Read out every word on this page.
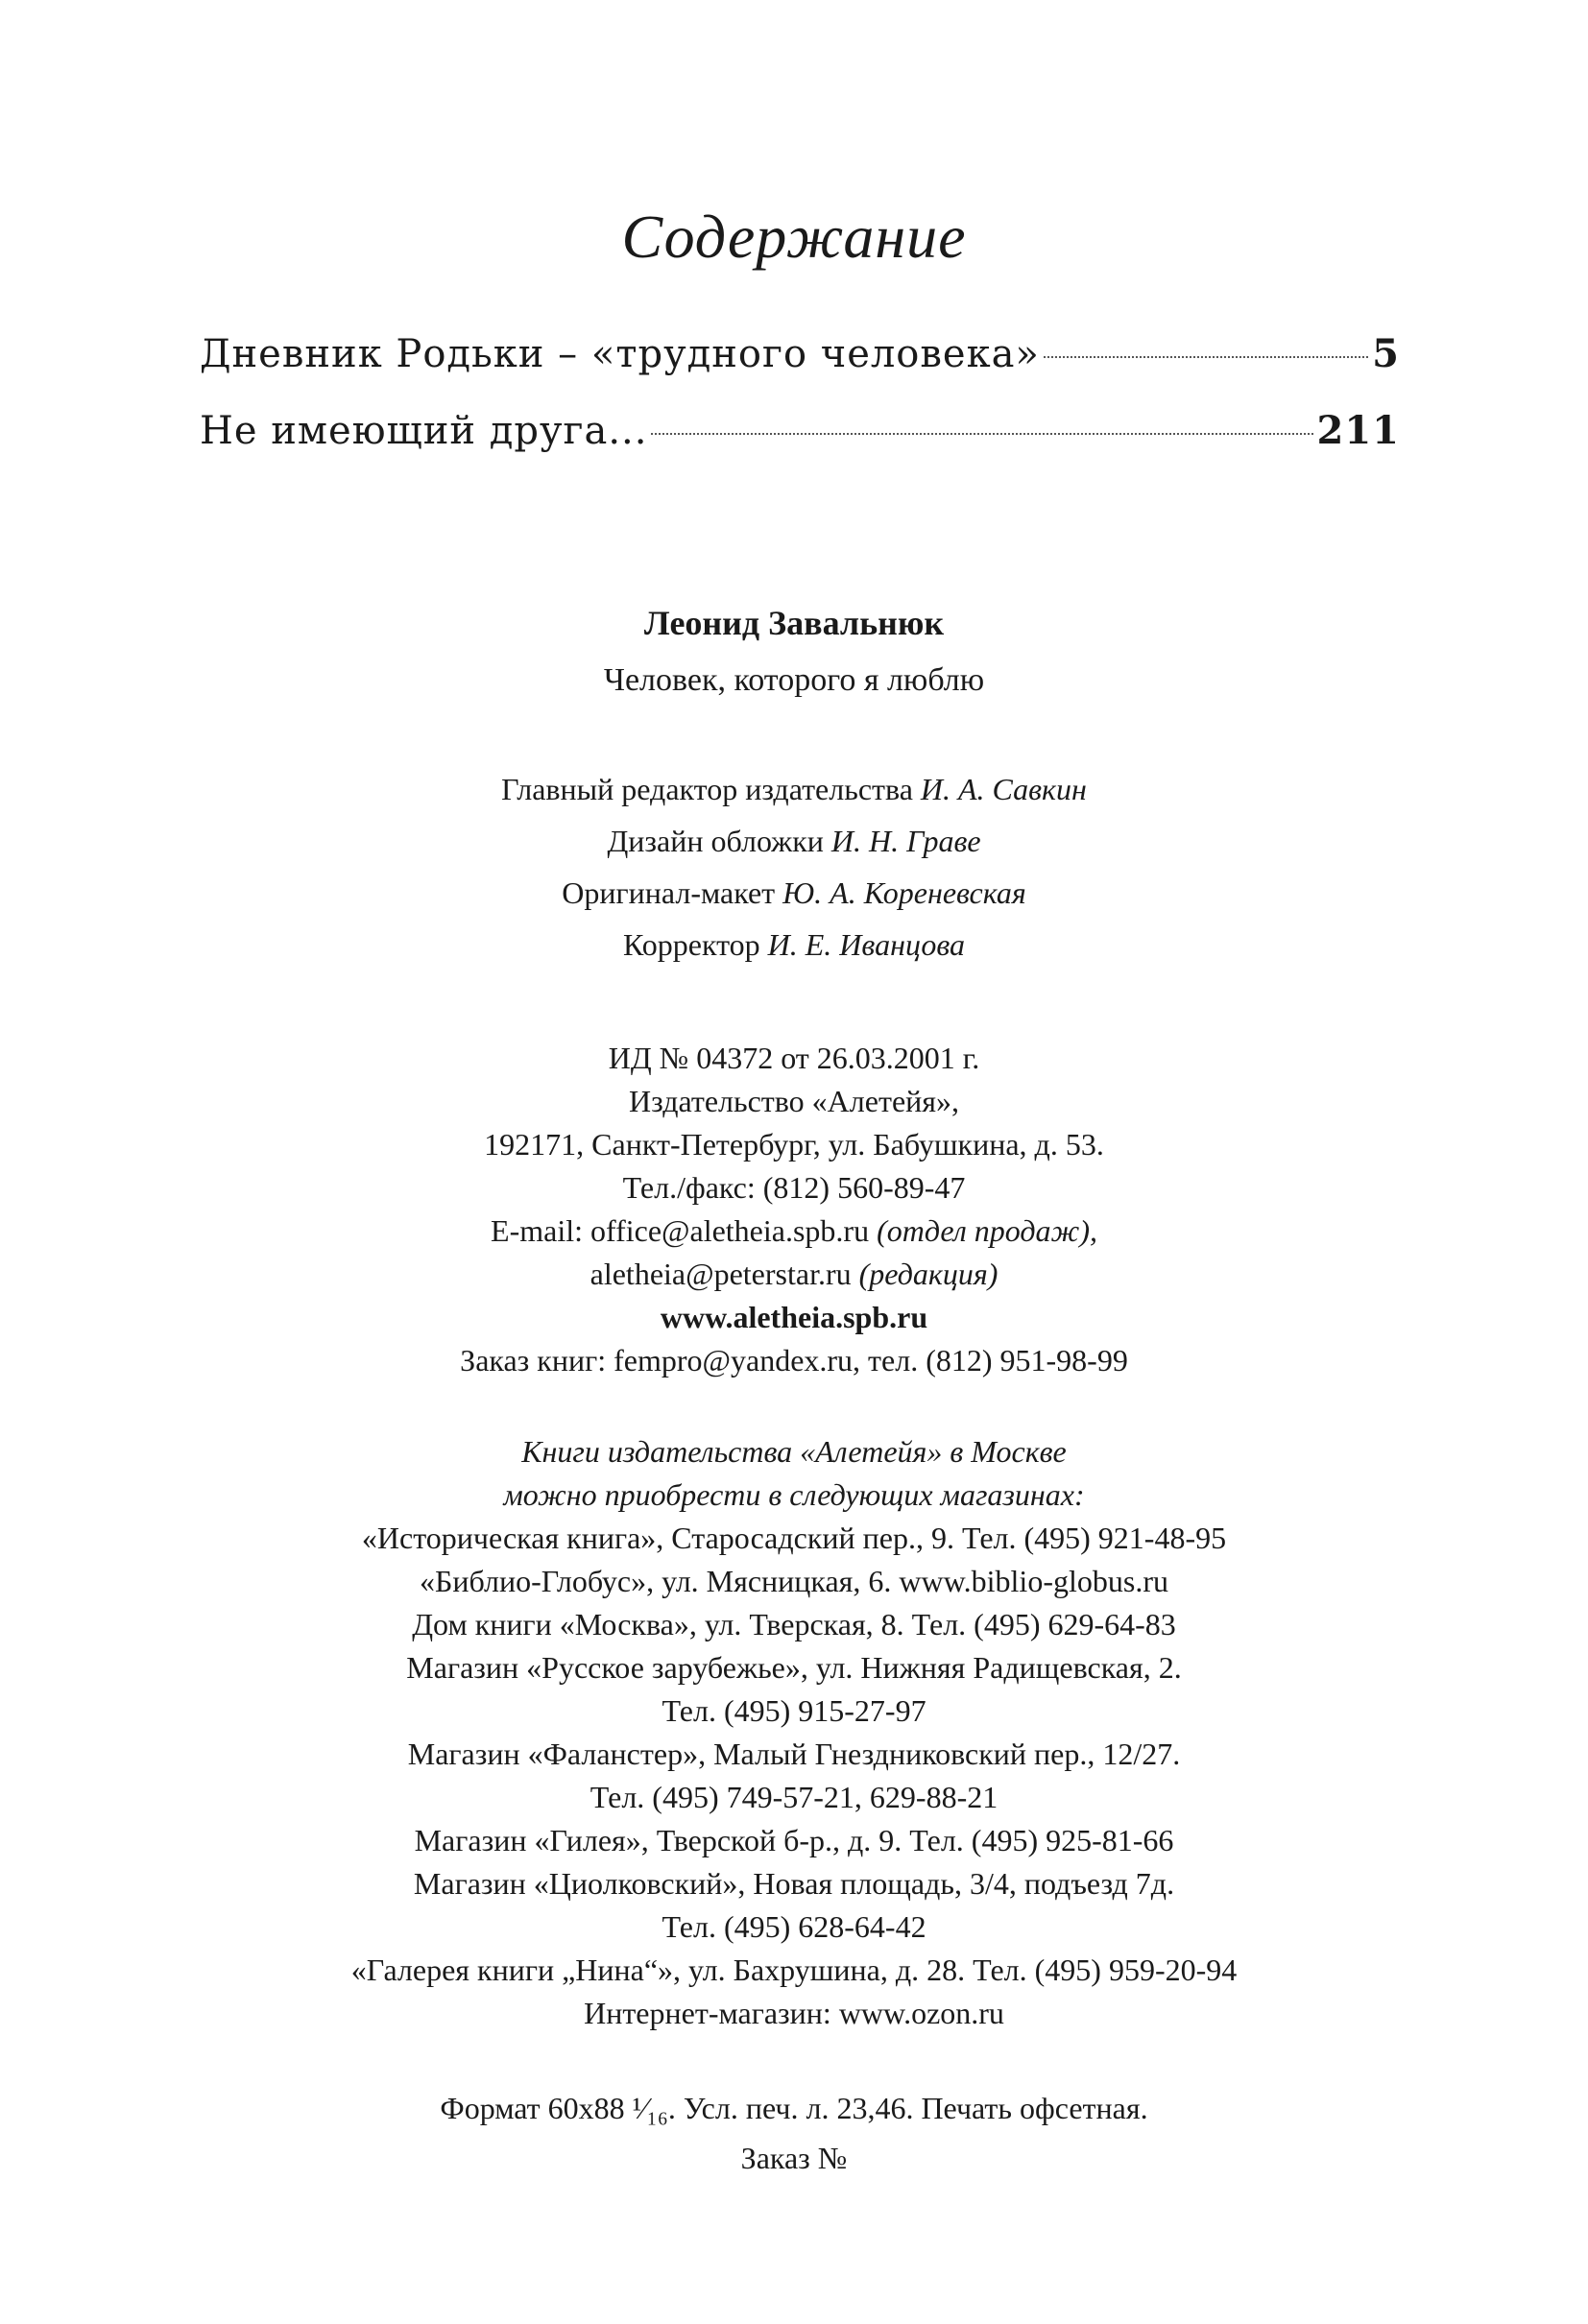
Содержание
Дневник Родьки – «трудного человека»	5
Не имеющий друга...	211
Леонид Завальнюк
Человек, которого я люблю
Главный редактор издательства И. А. Савкин
Дизайн обложки И. Н. Граве
Оригинал-макет Ю. А. Кореневская
Корректор И. Е. Иванцова
ИД № 04372 от 26.03.2001 г.
Издательство «Алетейя»,
192171, Санкт-Петербург, ул. Бабушкина, д. 53.
Тел./факс: (812) 560-89-47
E-mail: office@aletheia.spb.ru (отдел продаж),
aletheia@peterstar.ru (редакция)
www.aletheia.spb.ru
Заказ книг: fempro@yandex.ru, тел. (812) 951-98-99
Книги издательства «Алетейя» в Москве
можно приобрести в следующих магазинах:
«Историческая книга», Старосадский пер., 9. Тел. (495) 921-48-95
«Библио-Глобус», ул. Мясницкая, 6. www.biblio-globus.ru
Дом книги «Москва», ул. Тверская, 8. Тел. (495) 629-64-83
Магазин «Русское зарубежье», ул. Нижняя Радищевская, 2.
Тел. (495) 915-27-97
Магазин «Фаланстер», Малый Гнездниковский пер., 12/27.
Тел. (495) 749-57-21, 629-88-21
Магазин «Гилея», Тверской б-р., д. 9. Тел. (495) 925-81-66
Магазин «Циолковский», Новая площадь, 3/4, подъезд 7д.
Тел. (495) 628-64-42
«Галерея книги „Нина“», ул. Бахрушина, д. 28. Тел. (495) 959-20-94
Интернет-магазин: www.ozon.ru
Формат 60x88 ¹⁄₁₆. Усл. печ. л. 23,46. Печать офсетная.
Заказ №
